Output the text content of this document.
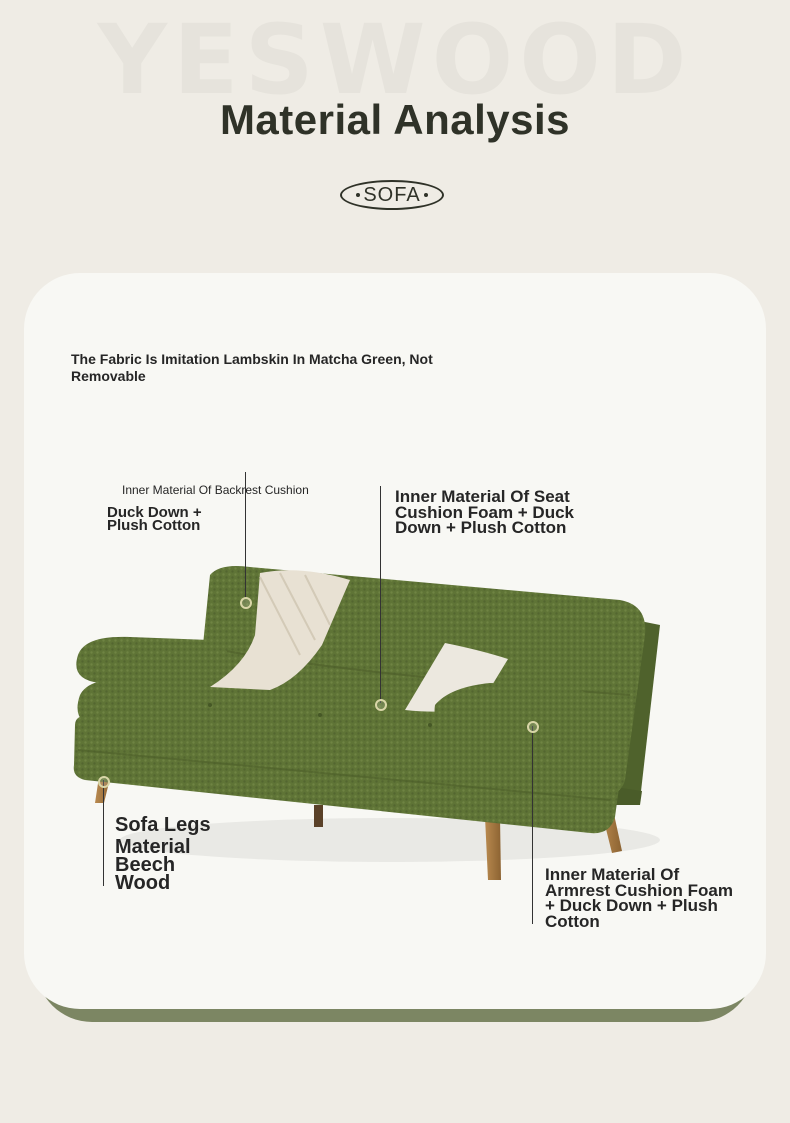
Material Analysis
SOFA
The Fabric Is Imitation Lambskin In Matcha Green, Not Removable
Inner Material Of Backrest Cushion
Duck Down +
Plush Cotton
Inner Material Of Seat
Cushion Foam + Duck
Down + Plush Cotton
Sofa Legs
Material
Beech
Wood	Inner Material Of
Armrest Cushion Foam
+ Duck Down + Plush
Cotton
